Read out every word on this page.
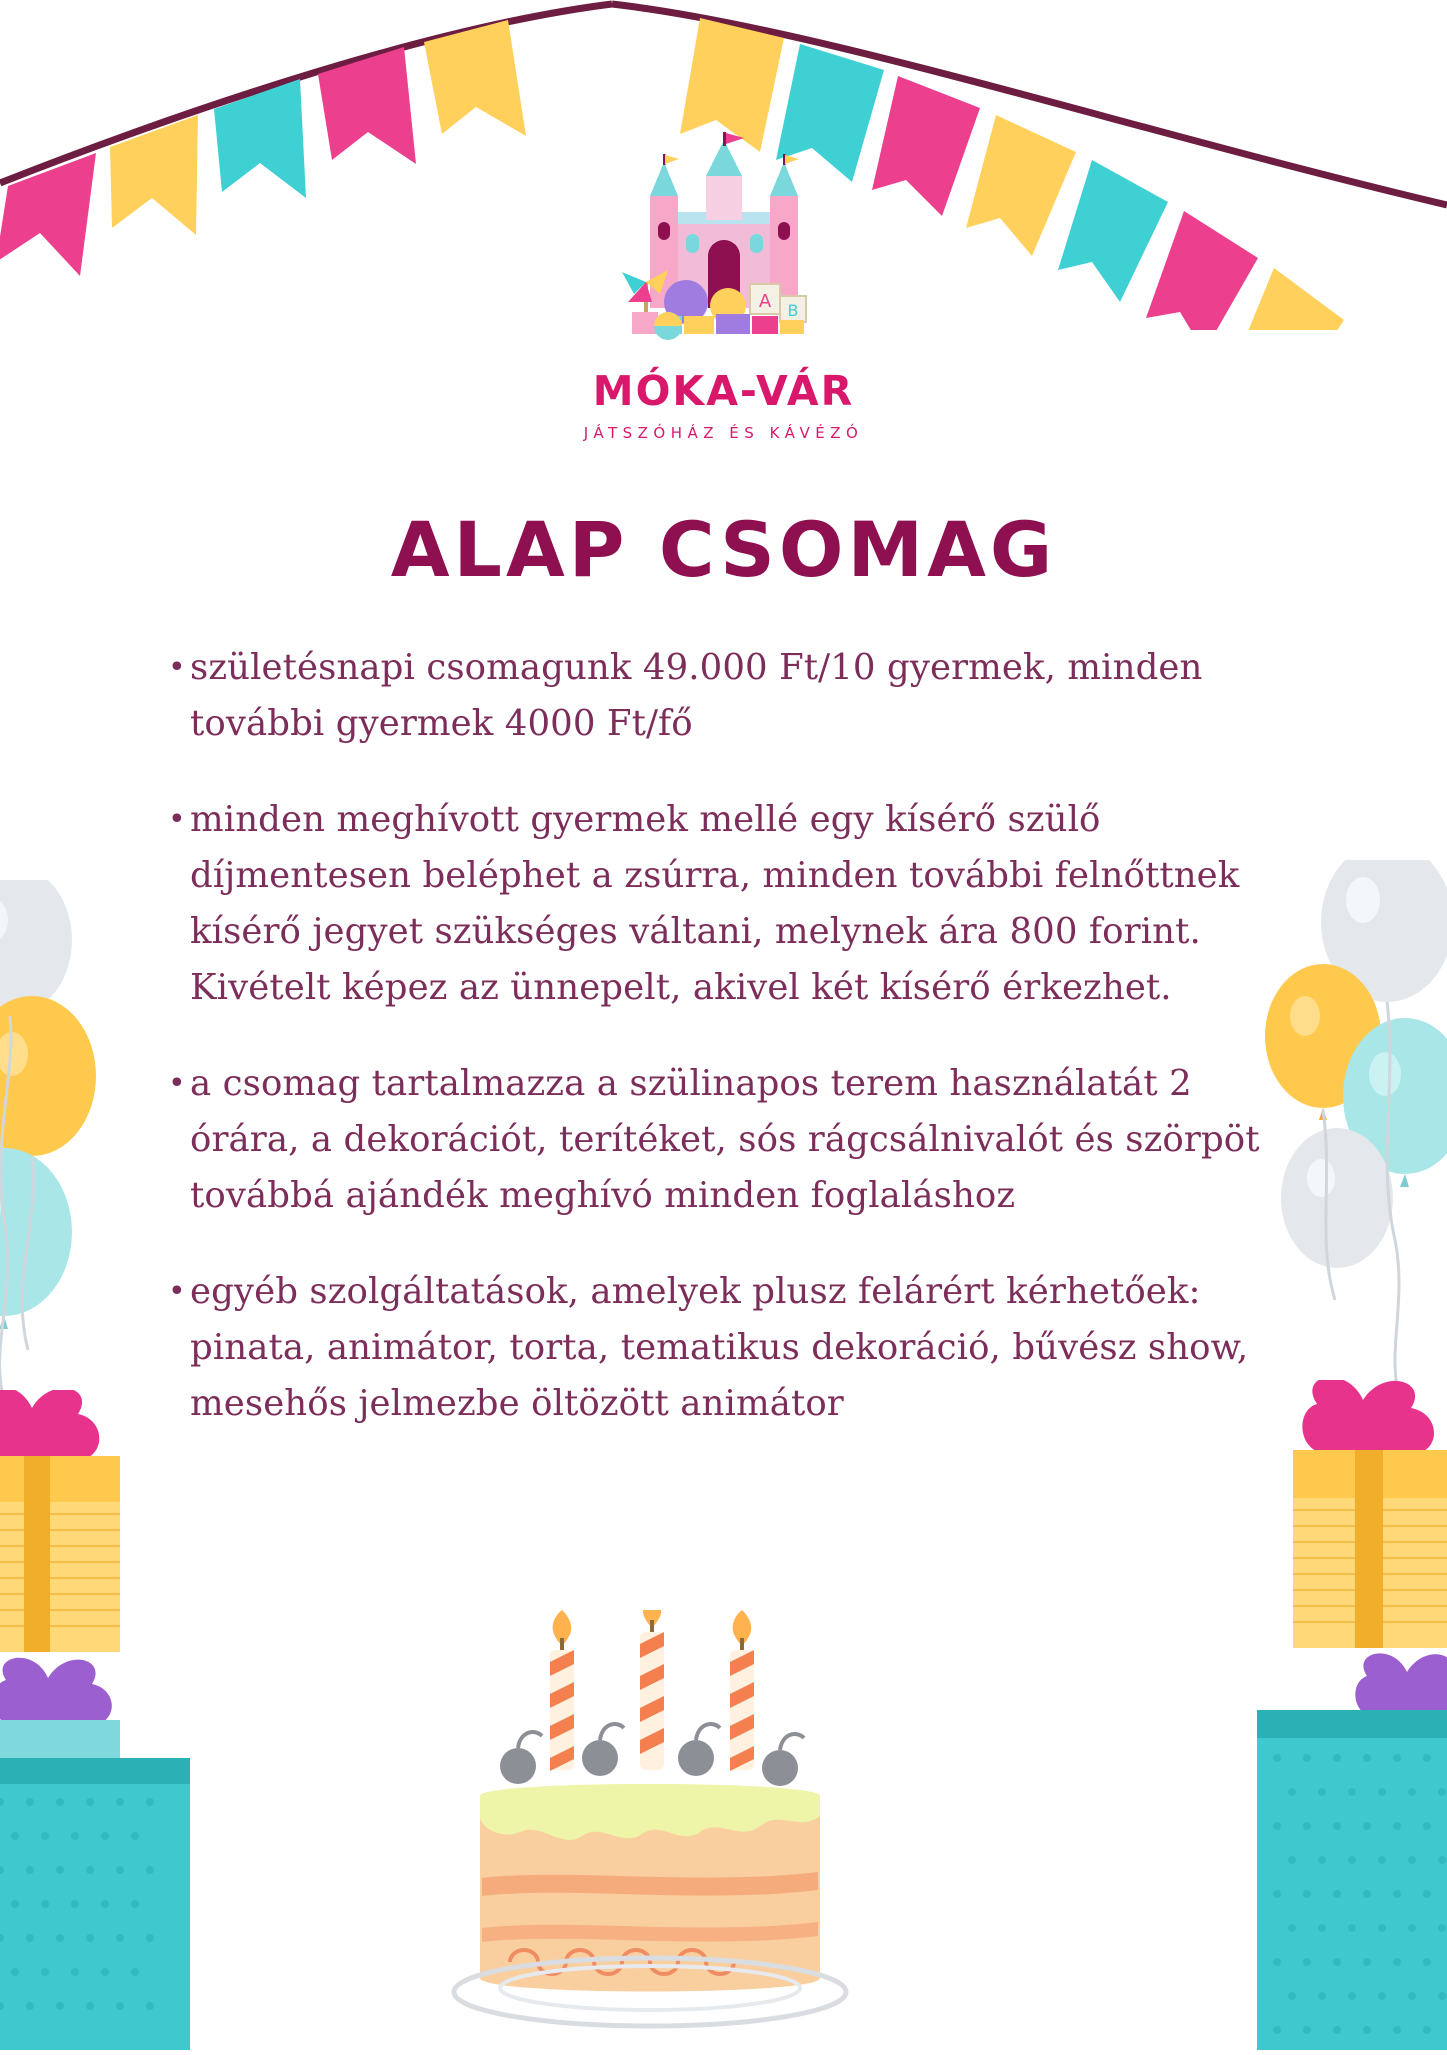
A B
MÓKA-VÁR
JÁTSZÓHÁZ ÉS KÁVÉZÓ
ALAP CSOMAG
• születésnapi csomagunk 49.000 Ft/10 gyermek, minden további gyermek 4000 Ft/fő
• minden meghívott gyermek mellé egy kísérő szülő díjmentesen beléphet a zsúrra, minden további felnőttnek kísérő jegyet szükséges váltani, melynek ára 800 forint. Kivételt képez az ünnepelt, akivel két kísérő érkezhet.
• a csomag tartalmazza a szülinapos terem használatát 2 órára, a dekorációt, terítéket, sós rágcsálnivalót és szörpöt továbbá ajándék meghívó minden foglaláshoz
• egyéb szolgáltatások, amelyek plusz felárért kérhetőek: pinata, animátor, torta, tematikus dekoráció, bűvész show, mesehős jelmezbe öltözött animátor
